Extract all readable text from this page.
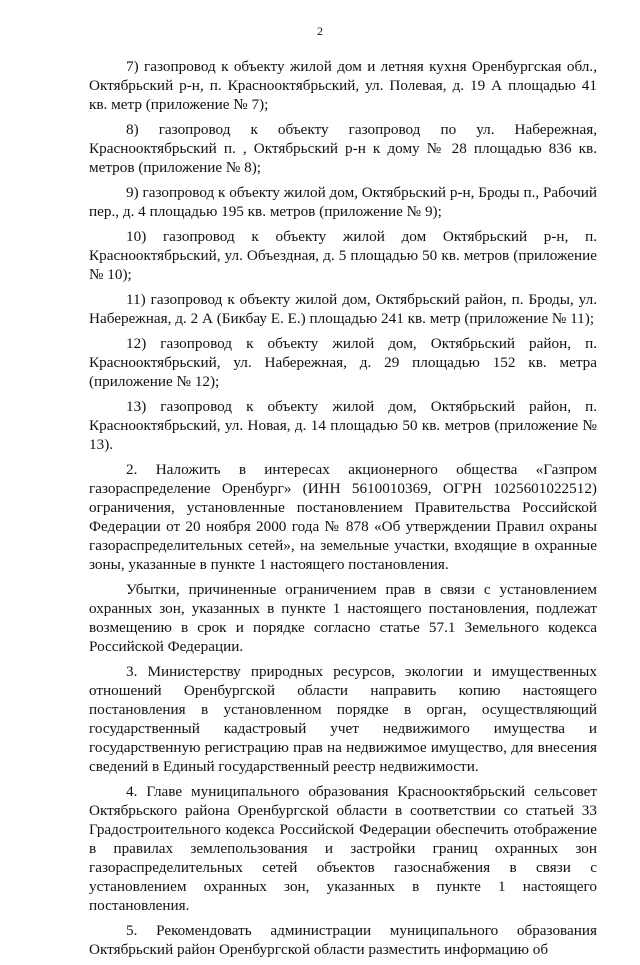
2

7) газопровод к объекту жилой дом и летняя кухня Оренбургская обл., Октябрьский р-н, п. Краснооктябрьский, ул. Полевая, д. 19 А площадью 41 кв. метр (приложение № 7);

8) газопровод к объекту газопровод по ул. Набережная, Краснооктябрьский п. , Октябрьский р-н к дому № 28 площадью 836 кв. метров (приложение № 8);

9) газопровод к объекту жилой дом, Октябрьский р-н, Броды п., Рабочий пер., д. 4 площадью 195 кв. метров (приложение № 9);

10) газопровод к объекту жилой дом Октябрьский р-н, п. Краснооктябрьский, ул. Объездная, д. 5 площадью 50 кв. метров (приложение № 10);

11) газопровод к объекту жилой дом, Октябрьский район, п. Броды, ул. Набережная, д. 2 А (Бикбау Е. Е.) площадью 241 кв. метр (приложение № 11);

12) газопровод к объекту жилой дом, Октябрьский район, п. Краснооктябрьский, ул. Набережная, д. 29 площадью 152 кв. метра (приложение № 12);

13) газопровод к объекту жилой дом, Октябрьский район, п. Краснооктябрьский, ул. Новая, д. 14 площадью 50 кв. метров (приложение № 13).

2. Наложить в интересах акционерного общества «Газпром газораспределение Оренбург» (ИНН 5610010369, ОГРН 1025601022512) ограничения, установленные постановлением Правительства Российской Федерации от 20 ноября 2000 года № 878 «Об утверждении Правил охраны газораспределительных сетей», на земельные участки, входящие в охранные зоны, указанные в пункте 1 настоящего постановления.

Убытки, причиненные ограничением прав в связи с установлением охранных зон, указанных в пункте 1 настоящего постановления, подлежат возмещению в срок и порядке согласно статье 57.1 Земельного кодекса Российской Федерации.

3. Министерству природных ресурсов, экологии и имущественных отношений Оренбургской области направить копию настоящего постановления в установленном порядке в орган, осуществляющий государственный кадастровый учет недвижимого имущества и государственную регистрацию прав на недвижимое имущество, для внесения сведений в Единый государственный реестр недвижимости.

4. Главе муниципального образования Краснооктябрьский сельсовет Октябрьского района Оренбургской области в соответствии со статьей 33 Градостроительного кодекса Российской Федерации обеспечить отображение в правилах землепользования и застройки границ охранных зон газораспределительных сетей объектов газоснабжения в связи с установлением охранных зон, указанных в пункте 1 настоящего постановления.

5. Рекомендовать администрации муниципального образования Октябрьский район Оренбургской области разместить информацию об
